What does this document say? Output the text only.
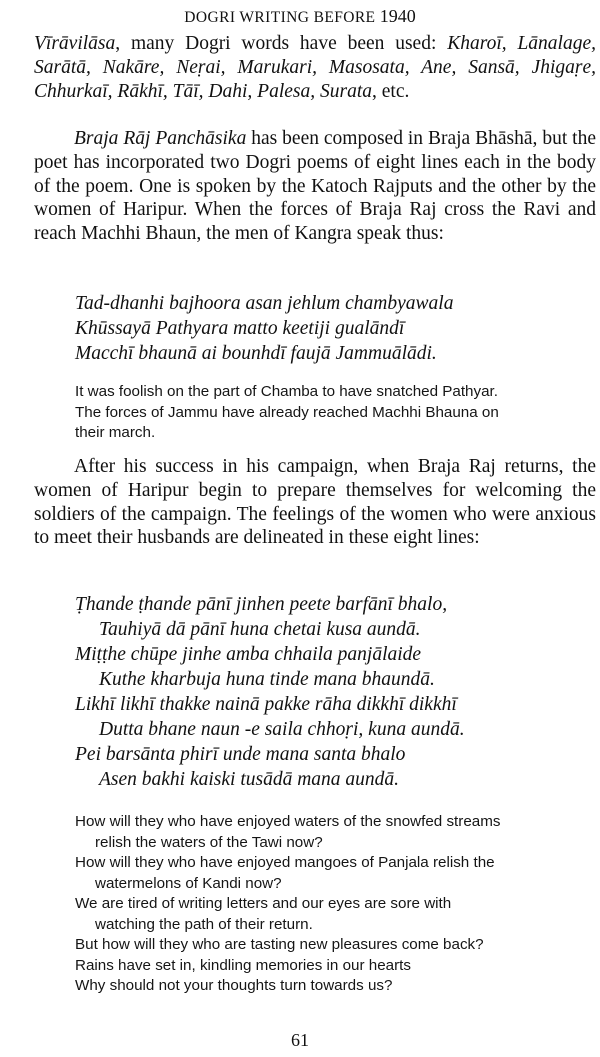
DOGRI WRITING BEFORE 1940

Vīrāvilāsa, many Dogri words have been used: Kharoī, Lānalage, Sarātā, Nakāre, Neṛai, Marukari, Masosata, Ane, Sansā, Jhigaṛe, Chhurkaī, Rākhī, Tāī, Dahi, Palesa, Surata, etc.

Braja Rāj Panchāsika has been composed in Braja Bhāshā, but the poet has incorporated two Dogri poems of eight lines each in the body of the poem. One is spoken by the Katoch Rajputs and the other by the women of Haripur. When the forces of Braja Raj cross the Ravi and reach Machhi Bhaun, the men of Kangra speak thus:

Tad-dhanhi bajhoora asan jehlum chambyawala
Khūssayā Pathyara matto keetiji gualāndī
Macchī bhaunā ai bounhdī faujā Jammuālādi.

It was foolish on the part of Chamba to have snatched Pathyar.

The forces of Jammu have already reached Machhi Bhauna on

their march.

After his success in his campaign, when Braja Raj returns, the women of Haripur begin to prepare themselves for welcoming the soldiers of the campaign. The feelings of the women who were anxious to meet their husbands are delineated in these eight lines:

Ṭhande ṭhande pānī jinhen peete barfānī bhalo,
Tauhiyā dā pānī huna chetai kusa aundā.
Miṭṭhe chūpe jinhe amba chhaila panjālaide
Kuthe kharbuja huna tinde mana bhaundā.
Likhī likhī thakke nainā pakke rāha dikkhī dikkhī
Dutta bhane naun -e saila chhoṛi, kuna aundā.
Pei barsānta phirī unde mana santa bhalo
Asen bakhi kaiski tusādā mana aundā.

How will they who have enjoyed waters of the snowfed streams

relish the waters of the Tawi now?

How will they who have enjoyed mangoes of Panjala relish the

watermelons of Kandi now?

We are tired of writing letters and our eyes are sore with

watching the path of their return.

But how will they who are tasting new pleasures come back?

Rains have set in, kindling memories in our hearts

Why should not your thoughts turn towards us?

61
